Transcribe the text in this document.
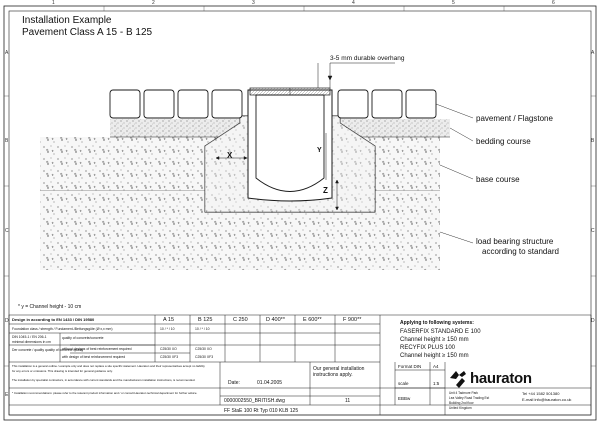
1	2	3	4	5	6
A
B
C
D
E
A
B
C
D
Installation Example
Pavement Class A 15 - B 125
3-5 mm durable overhang
pavement / Flagstone
bedding course
base course
load bearing structure
according to standard
X
Y
Z
* y = Channel height - 10 cm
Design in according to EN 1433 / DIN 19580	A 15	B 125	C 250	D 400**	E 600**	F 900**
Foundation class / strength / Fundament-/Bettungsgüte (Ø x,x mm)	10 / * / 10	10 / * / 10
DIN 1045-1 / EN 206-1
minimal dimensions in cm
quality of concrete/concrete
Der concrete / quality quality of concrete quality
without designs of best reinforcement required	C25/30 XO	C25/30 XO
with design of best reinforcement required	C25/30 XF3	C25/30 XF3
Applying to following systems:
FASERFIX STANDARD E 100
Channel height ≥ 150 mm
RECYFIX PLUS 100
Channel height ≥ 150 mm
This installation is a general outline / example only and does not replace a site specific statement. Hauraton and their representatives accept no liability
for any errors or omissions. This drawing is intended for general guidance only.
The installation by specialist contractors, in accordance with current standards and the manufacturers installation instructions, is recommended.
* Installation recommendations: please refer to the relevant product information and / or consult Hauraton technical department for further advice.
Date:	01.04.2005
Our general installation instructions apply.
0000002550_BRITISH.dwg	11
FF StaE 100 Rt Typ 010 KLB 125
Format DIN	A4
scale	1:5
EBBw
hauraton
Unit 4 Tadmore Park
Lea Valley Road Trading Est
Building 2nd floor
United Kingdom
Tel +44 1582 501380
E-mail info@hauraton.co.uk
